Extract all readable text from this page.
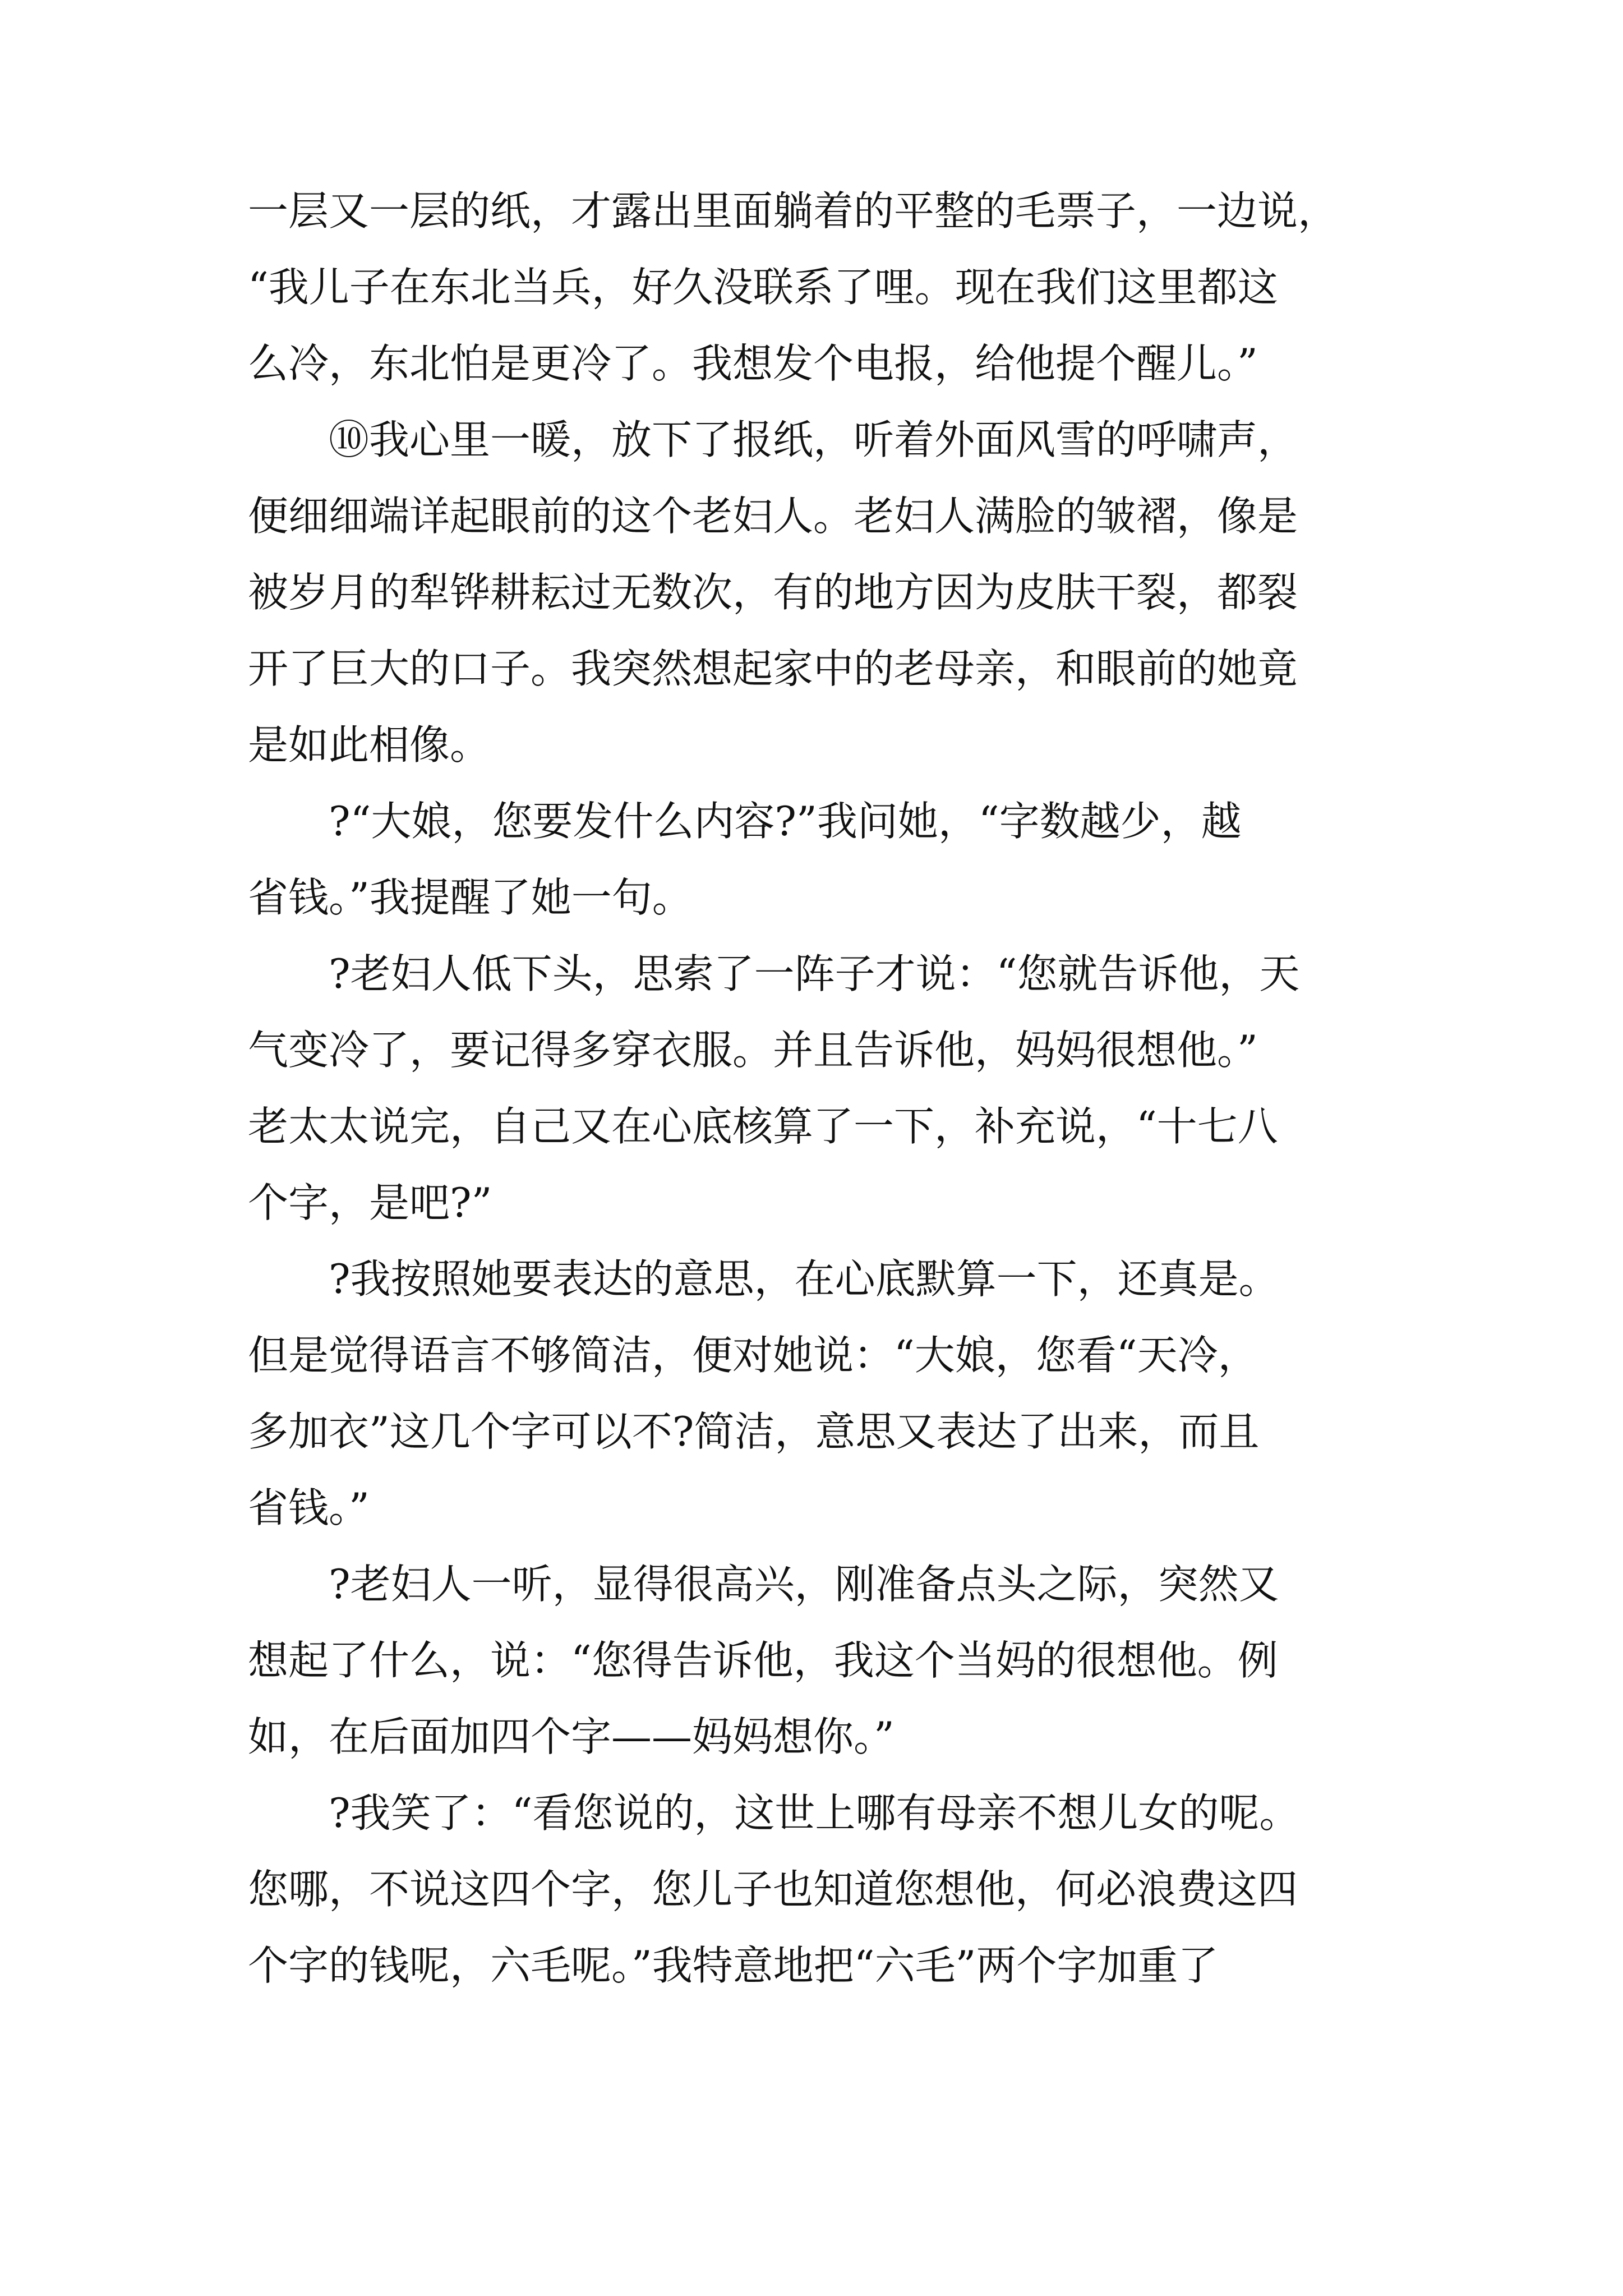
一层又一层的纸，才露出里面躺着的平整的毛票子，一边说，
“我儿子在东北当兵，好久没联系了哩。现在我们这里都这
么冷，东北怕是更冷了。我想发个电报，给他提个醒儿。”
⑩我心里一暖，放下了报纸，听着外面风雪的呼啸声，
便细细端详起眼前的这个老妇人。老妇人满脸的皱褶，像是
被岁月的犁铧耕耘过无数次，有的地方因为皮肤干裂，都裂
开了巨大的口子。我突然想起家中的老母亲，和眼前的她竟
是如此相像。
?“大娘，您要发什么内容?”我问她，“字数越少，越
省钱。”我提醒了她一句。
?老妇人低下头，思索了一阵子才说：“您就告诉他，天
气变冷了，要记得多穿衣服。并且告诉他，妈妈很想他。”
老太太说完，自己又在心底核算了一下，补充说，“十七八
个字，是吧?”
?我按照她要表达的意思，在心底默算一下，还真是。
但是觉得语言不够简洁，便对她说：“大娘，您看“天冷，
多加衣”这几个字可以不?简洁，意思又表达了出来，而且
省钱。”
?老妇人一听，显得很高兴，刚准备点头之际，突然又
想起了什么，说：“您得告诉他，我这个当妈的很想他。例
如，在后面加四个字——妈妈想你。”
?我笑了：“看您说的，这世上哪有母亲不想儿女的呢。
您哪，不说这四个字，您儿子也知道您想他，何必浪费这四
个字的钱呢，六毛呢。”我特意地把“六毛”两个字加重了
